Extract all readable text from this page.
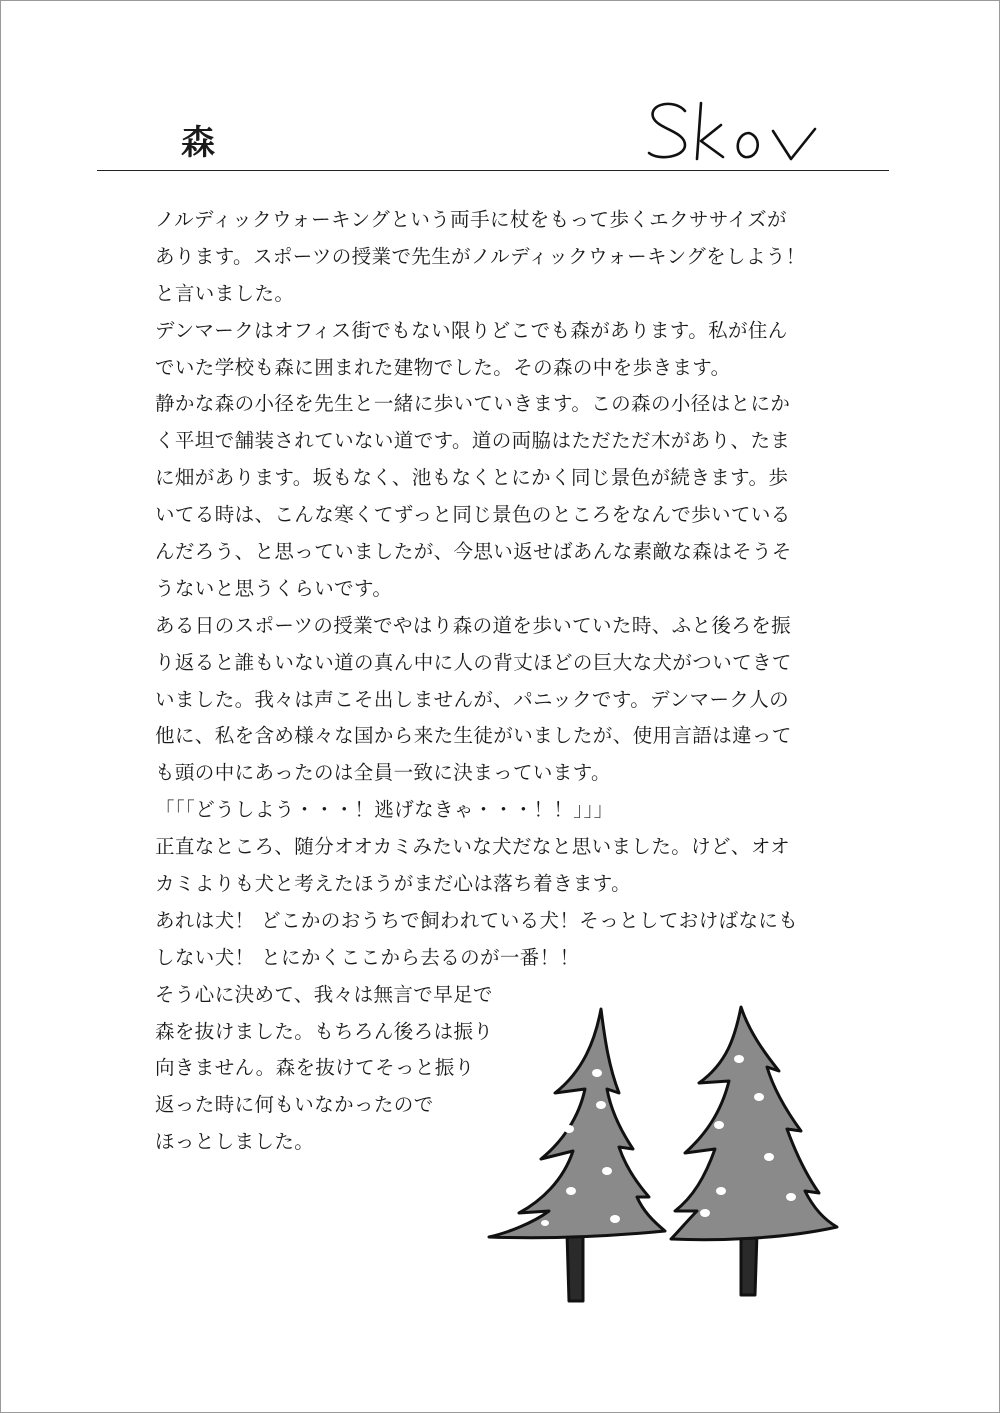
森
ノルディックウォーキングという両手に杖をもって歩くエクササイズが
あります。スポーツの授業で先生がノルディックウォーキングをしよう！
と言いました。
デンマークはオフィス街でもない限りどこでも森があります。私が住ん
でいた学校も森に囲まれた建物でした。その森の中を歩きます。
静かな森の小径を先生と一緒に歩いていきます。この森の小径はとにか
く平坦で舗装されていない道です。道の両脇はただただ木があり、たま
に畑があります。坂もなく、池もなくとにかく同じ景色が続きます。歩
いてる時は、こんな寒くてずっと同じ景色のところをなんで歩いている
んだろう、と思っていましたが、今思い返せばあんな素敵な森はそうそ
うないと思うくらいです。
ある日のスポーツの授業でやはり森の道を歩いていた時、ふと後ろを振
り返ると誰もいない道の真ん中に人の背丈ほどの巨大な犬がついてきて
いました。我々は声こそ出しませんが、パニックです。デンマーク人の
他に、私を含め様々な国から来た生徒がいましたが、使用言語は違って
も頭の中にあったのは全員一致に決まっています。
「「「どうしよう・・・！逃げなきゃ・・・！！」」」
正直なところ、随分オオカミみたいな犬だなと思いました。けど、オオ
カミよりも犬と考えたほうがまだ心は落ち着きます。
あれは犬！ どこかのおうちで飼われている犬！そっとしておけばなにも
しない犬！ とにかくここから去るのが一番！！
そう心に決めて、我々は無言で早足で
森を抜けました。もちろん後ろは振り
向きません。森を抜けてそっと振り
返った時に何もいなかったので
ほっとしました。
